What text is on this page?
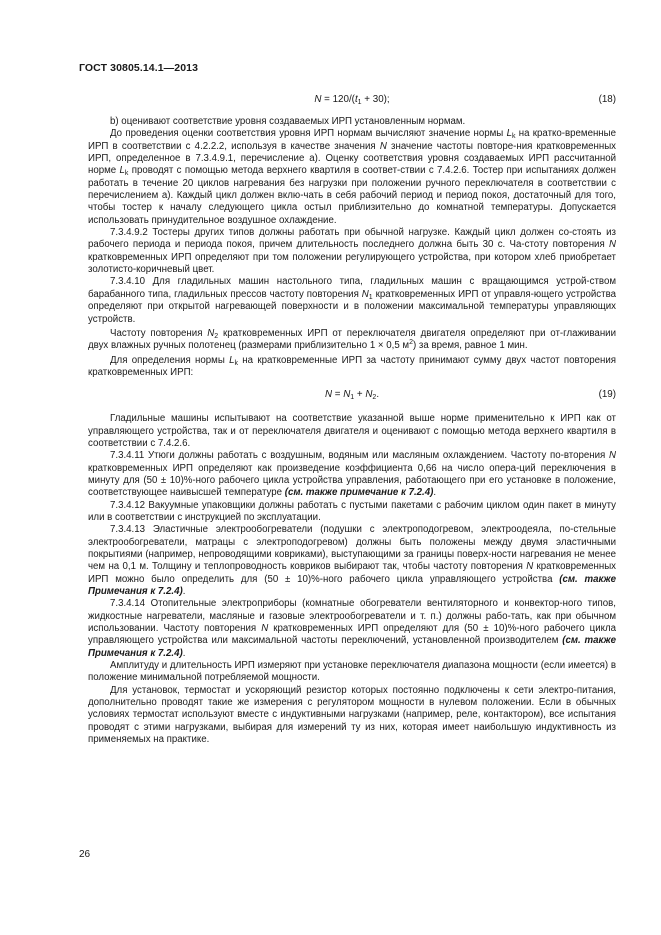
ГОСТ 30805.14.1—2013
$N = 120/(t_1 + 30)$;	(18)

b) оценивают соответствие уровня создаваемых ИРП установленным нормам.

До проведения оценки соответствия уровня ИРП нормам вычисляют значение нормы $L_k$ на кратко-временные ИРП в соответствии с 4.2.2.2, используя в качестве значения N значение частоты повторе-ния кратковременных ИРП, определенное в 7.3.4.9.1, перечисление а). Оценку соответствия уровня создаваемых ИРП рассчитанной норме $L_k$ проводят с помощью метода верхнего квартиля в соответ-ствии с 7.4.2.6. Тостер при испытаниях должен работать в течение 20 циклов нагревания без нагрузки при положении ручного переключателя в соответствии с перечислением а). Каждый цикл должен вклю-чать в себя рабочий период и период покоя, достаточный для того, чтобы тостер к началу следующего цикла остыл приблизительно до комнатной температуры. Допускается использовать принудительное воздушное охлаждение.

7.3.4.9.2 Тостеры других типов должны работать при обычной нагрузке. Каждый цикл должен со-стоять из рабочего периода и периода покоя, причем длительность последнего должна быть 30 с. Ча-стоту повторения N кратковременных ИРП определяют при том положении регулирующего устройства, при котором хлеб приобретает золотисто-коричневый цвет.

7.3.4.10 Для гладильных машин настольного типа, гладильных машин с вращающимся устрой-ством барабанного типа, гладильных прессов частоту повторения $N_1$ кратковременных ИРП от управля-ющего устройства определяют при открытой нагревающей поверхности и в положении максимальной температуры управляющих устройств.

Частоту повторения $N_2$ кратковременных ИРП от переключателя двигателя определяют при от-глаживании двух влажных ручных полотенец (размерами приблизительно 1 × 0,5 $м^2$) за время, равное 1 мин.

Для определения нормы $L_k$ на кратковременные ИРП за частоту принимают сумму двух частот повторения кратковременных ИРП:

$N = N_1 + N_2$.	(19)

Гладильные машины испытывают на соответствие указанной выше норме применительно к ИРП как от управляющего устройства, так и от переключателя двигателя и оценивают с помощью метода верхнего квартиля в соответствии с 7.4.2.6.

7.3.4.11 Утюги должны работать с воздушным, водяным или масляным охлаждением. Частоту по-вторения N кратковременных ИРП определяют как произведение коэффициента 0,66 на число опера-ций переключения в минуту для (50 ± 10)%-ного рабочего цикла устройства управления, работающего при его установке в положение, соответствующее наивысшей температуре (см. также примечание к 7.2.4).

7.3.4.12 Вакуумные упаковщики должны работать с пустыми пакетами с рабочим циклом один пакет в минуту или в соответствии с инструкцией по эксплуатации.

7.3.4.13 Эластичные электрообогреватели (подушки с электроподогревом, электроодеяла, по-стельные электрообогреватели, матрацы с электроподогревом) должны быть положены между двумя эластичными покрытиями (например, непроводящими ковриками), выступающими за границы поверх-ности нагревания не менее чем на 0,1 м. Толщину и теплопроводность ковриков выбирают так, чтобы частоту повторения N кратковременных ИРП можно было определить для (50 ± 10)%-ного рабочего цикла управляющего устройства (см. также Примечания к 7.2.4).

7.3.4.14 Отопительные электроприборы (комнатные обогреватели вентиляторного и конвектор-ного типов, жидкостные нагреватели, масляные и газовые электрообогреватели и т. п.) должны рабо-тать, как при обычном использовании. Частоту повторения N кратковременных ИРП определяют для (50 ± 10)%-ного рабочего цикла управляющего устройства или максимальной частоты переключений, установленной производителем (см. также Примечания к 7.2.4).

Амплитуду и длительность ИРП измеряют при установке переключателя диапазона мощности (если имеется) в положение минимальной потребляемой мощности.

Для установок, термостат и ускоряющий резистор которых постоянно подключены к сети электро-питания, дополнительно проводят такие же измерения с регулятором мощности в нулевом положении. Если в обычных условиях термостат используют вместе с индуктивными нагрузками (например, реле, контактором), все испытания проводят с этими нагрузками, выбирая для измерений ту из них, которая имеет наибольшую индуктивность из применяемых на практике.

26
